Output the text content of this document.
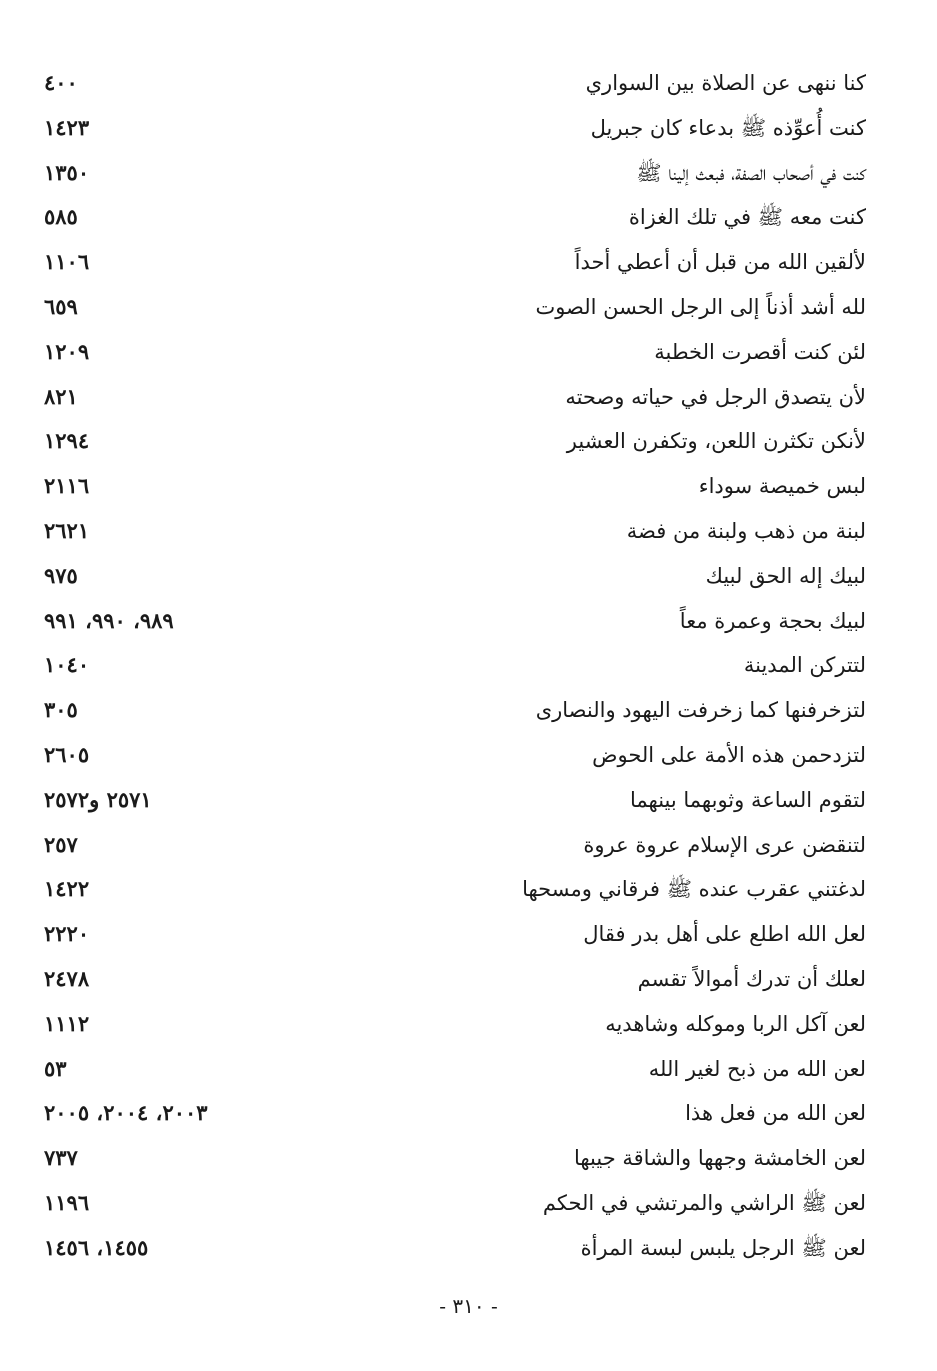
كنا ننهى عن الصلاة بين السواري
٤٠٠
كنت أُعوِّذه ﷺ بدعاء كان جبريل
١٤٢٣
كنت في أصحاب الصفة، فبعث إلينا ﷺ
١٣٥٠
كنت معه ﷺ في تلك الغزاة
٥٨٥
لألقين الله من قبل أن أعطي أحداً
١١٠٦
لله أشد أذناً إلى الرجل الحسن الصوت
٦٥٩
لئن كنت أقصرت الخطبة
١٢٠٩
لأن يتصدق الرجل في حياته وصحته
٨٢١
لأنكن تكثرن اللعن، وتكفرن العشير
١٢٩٤
لبس خميصة سوداء
٢١١٦
لبنة من ذهب ولبنة من فضة
٢٦٢١
لبيك إله الحق لبيك
٩٧٥
لبيك بحجة وعمرة معاً
٩٨٩، ٩٩٠، ٩٩١
لتتركن المدينة
١٠٤٠
لتزخرفنها كما زخرفت اليهود والنصارى
٣٠٥
لتزدحمن هذه الأمة على الحوض
٢٦٠٥
لتقوم الساعة وثوبهما بينهما
٢٥٧١ و٢٥٧٢
لتنقضن عرى الإسلام عروة عروة
٢٥٧
لدغتني عقرب عنده ﷺ فرقاني ومسحها
١٤٢٢
لعل الله اطلع على أهل بدر فقال
٢٢٢٠
لعلك أن تدرك أموالاً تقسم
٢٤٧٨
لعن آكل الربا وموكله وشاهديه
١١١٢
لعن الله من ذبح لغير الله
٥٣
لعن الله من فعل هذا
٢٠٠٣، ٢٠٠٤، ٢٠٠٥
لعن الخامشة وجهها والشاقة جيبها
٧٣٧
لعن ﷺ الراشي والمرتشي في الحكم
١١٩٦
لعن ﷺ الرجل يلبس لبسة المرأة
١٤٥٥، ١٤٥٦
- ٣١٠ -
